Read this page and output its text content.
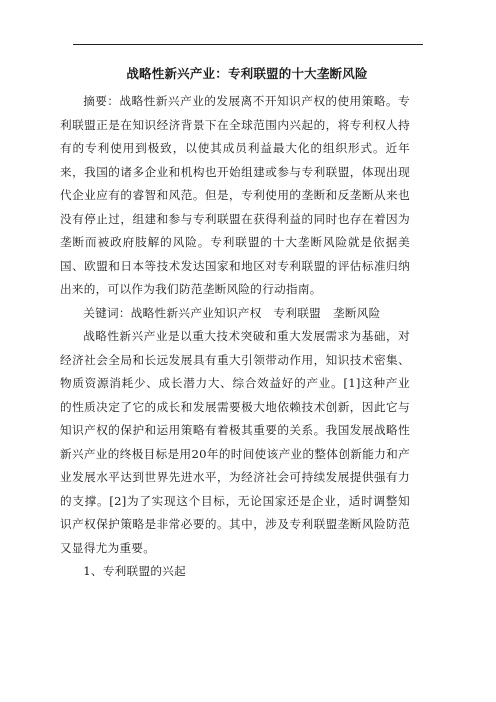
战略性新兴产业：专利联盟的十大垄断风险

摘要：战略性新兴产业的发展离不开知识产权的使用策略。专利联盟正是在知识经济背景下在全球范围内兴起的，将专利权人持有的专利使用到极致，以使其成员利益最大化的组织形式。近年来，我国的诸多企业和机构也开始组建或参与专利联盟，体现出现代企业应有的睿智和风范。但是，专利使用的垄断和反垄断从来也没有停止过，组建和参与专利联盟在获得利益的同时也存在着因为垄断而被政府肢解的风险。专利联盟的十大垄断风险就是依据美国、欧盟和日本等技术发达国家和地区对专利联盟的评估标准归纳出来的，可以作为我们防范垄断风险的行动指南。

关键词：战略性新兴产业知识产权　专利联盟　垄断风险

战略性新兴产业是以重大技术突破和重大发展需求为基础，对经济社会全局和长远发展具有重大引领带动作用，知识技术密集、物质资源消耗少、成长潜力大、综合效益好的产业。[1]这种产业的性质决定了它的成长和发展需要极大地依赖技术创新，因此它与知识产权的保护和运用策略有着极其重要的关系。我国发展战略性新兴产业的终极目标是用20年的时间使该产业的整体创新能力和产业发展水平达到世界先进水平，为经济社会可持续发展提供强有力的支撑。[2]为了实现这个目标，无论国家还是企业，适时调整知识产权保护策略是非常必要的。其中，涉及专利联盟垄断风险防范又显得尤为重要。

1、专利联盟的兴起
